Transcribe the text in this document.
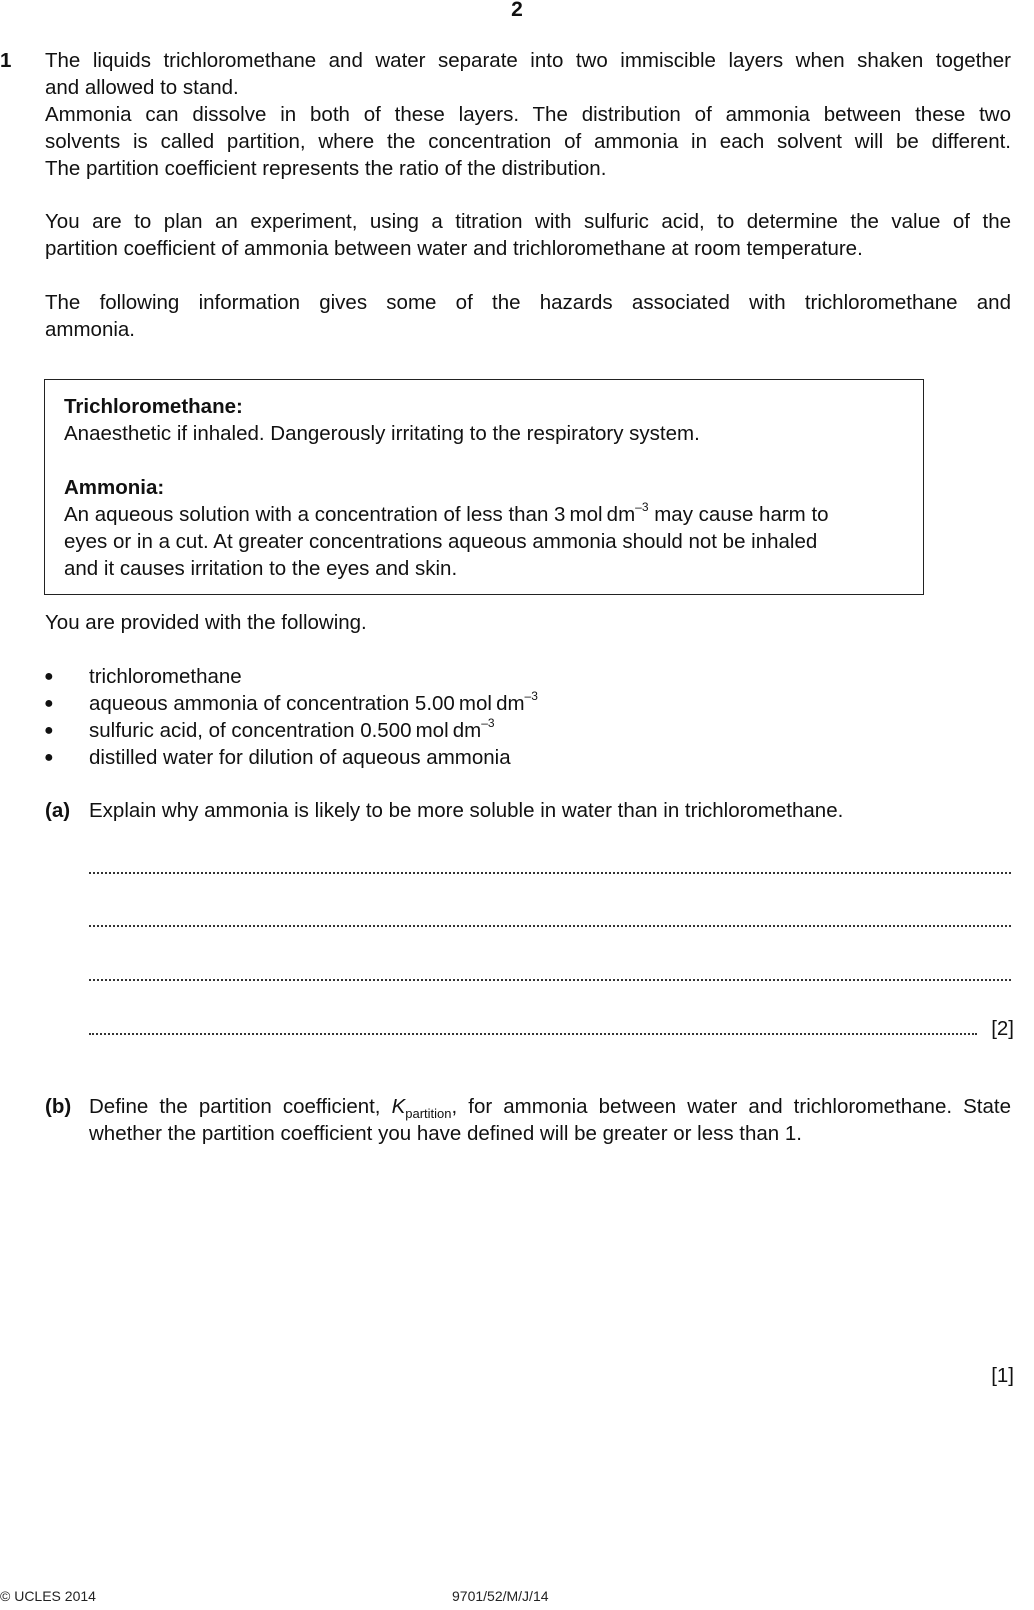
2
1 The liquids trichloromethane and water separate into two immiscible layers when shaken together
and allowed to stand.
Ammonia can dissolve in both of these layers. The distribution of ammonia between these two
solvents is called partition, where the concentration of ammonia in each solvent will be different.
The partition coefficient represents the ratio of the distribution.
You are to plan an experiment, using a titration with sulfuric acid, to determine the value of the
partition coefficient of ammonia between water and trichloromethane at room temperature.
The following information gives some of the hazards associated with trichloromethane and
ammonia.
Trichloromethane:
Anaesthetic if inhaled. Dangerously irritating to the respiratory system.
Ammonia:
An aqueous solution with a concentration of less than 3 mol $dm^{-3}$ may cause harm to
eyes or in a cut. At greater concentrations aqueous ammonia should not be inhaled
and it causes irritation to the eyes and skin.
You are provided with the following.
● trichloromethane
● aqueous ammonia of concentration 5.00 mol $dm^{-3}$
● sulfuric acid, of concentration 0.500 mol $dm^{-3}$
● distilled water for dilution of aqueous ammonia
(a) Explain why ammonia is likely to be more soluble in water than in trichloromethane.
[2]
(b) Define the partition coefficient, $K_{partition}$, for ammonia between water and trichloromethane. State
whether the partition coefficient you have defined will be greater or less than 1.
[1]
© UCLES 2014	9701/52/M/J/14
